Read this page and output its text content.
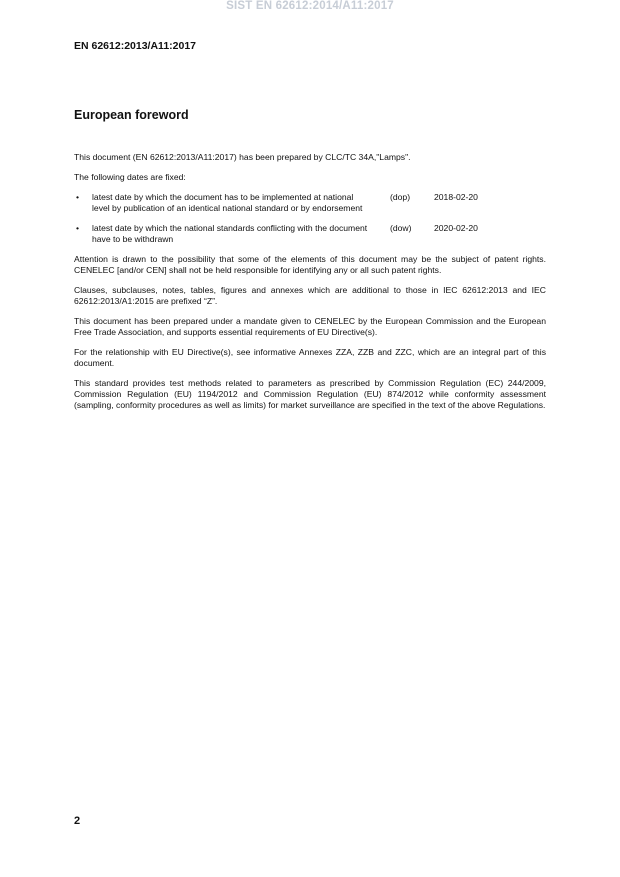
SIST EN 62612:2014/A11:2017
EN 62612:2013/A11:2017
European foreword

This document (EN 62612:2013/A11:2017) has been prepared by CLC/TC 34A,"Lamps".

The following dates are fixed:

• latest date by which the document has to be implemented at national level by publication of an identical national standard or by endorsement
(dop)	2018-02-20
• latest date by which the national standards conflicting with the document have to be withdrawn
(dow)	2020-02-20

Attention is drawn to the possibility that some of the elements of this document may be the subject of patent rights. CENELEC [and/or CEN] shall not be held responsible for identifying any or all such patent rights.

Clauses, subclauses, notes, tables, figures and annexes which are additional to those in IEC 62612:2013 and IEC 62612:2013/A1:2015 are prefixed “Z”.

This document has been prepared under a mandate given to CENELEC by the European Commission and the European Free Trade Association, and supports essential requirements of EU Directive(s).

For the relationship with EU Directive(s), see informative Annexes ZZA, ZZB and ZZC, which are an integral part of this document.

This standard provides test methods related to parameters as prescribed by Commission Regulation (EC) 244/2009, Commission Regulation (EU) 1194/2012 and Commission Regulation (EU) 874/2012 while conformity assessment (sampling, conformity procedures as well as limits) for market surveillance are specified in the text of the above Regulations.

2
